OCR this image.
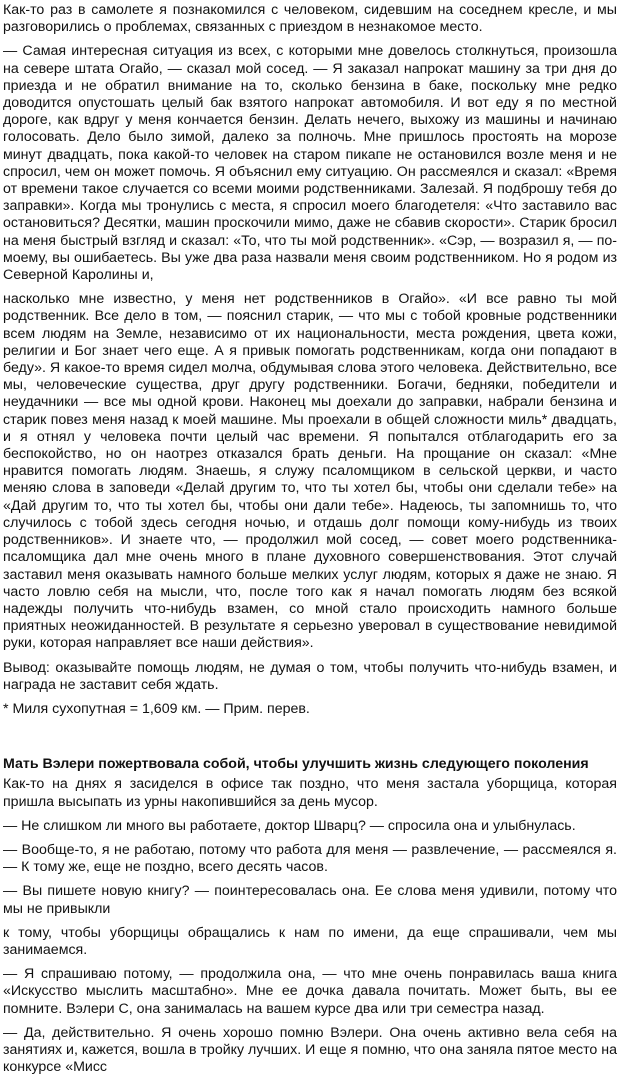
Как-то раз в самолете я познакомился с человеком, сидевшим на соседнем кресле, и мы разговорились о проблемах, связанных с приездом в незнакомое место.

— Самая интересная ситуация из всех, с которыми мне довелось столкнуться, произошла на севере штата Огайо, — сказал мой сосед. — Я заказал напрокат машину за три дня до приезда и не обратил внимание на то, сколько бензина в баке, поскольку мне редко доводится опустошать целый бак взятого напрокат автомобиля. И вот еду я по местной дороге, как вдруг у меня кончается бензин. Делать нечего, выхожу из машины и начинаю голосовать. Дело было зимой, далеко за полночь. Мне пришлось простоять на морозе минут двадцать, пока какой-то человек на старом пикапе не остановился возле меня и не спросил, чем он может помочь. Я объяснил ему ситуацию. Он рассмеялся и сказал: «Время от времени такое случается со всеми моими родственниками. Залезай. Я подброшу тебя до заправки». Когда мы тронулись с места, я спросил моего благодетеля: «Что заставило вас остановиться? Десятки, машин проскочили мимо, даже не сбавив скорости». Старик бросил на меня быстрый взгляд и сказал: «То, что ты мой родственник». «Сэр, — возразил я, — по-моему, вы ошибаетесь. Вы уже два раза назвали меня своим родственником. Но я родом из Северной Каролины и,

насколько мне известно, у меня нет родственников в Огайо». «И все равно ты мой родственник. Все дело в том, — пояснил старик, — что мы с тобой кровные родственники всем людям на Земле, независимо от их национальности, места рождения, цвета кожи, религии и Бог знает чего еще. А я привык помогать родственникам, когда они попадают в беду». Я какое-то время сидел молча, обдумывая слова этого человека. Действительно, все мы, человеческие существа, друг другу родственники. Богачи, бедняки, победители и неудачники — все мы одной крови. Наконец мы доехали до заправки, набрали бензина и старик повез меня назад к моей машине. Мы проехали в общей сложности миль* двадцать, и я отнял у человека почти целый час времени. Я попытался отблагодарить его за беспокойство, но он наотрез отказался брать деньги. На прощание он сказал: «Мне нравится помогать людям. Знаешь, я служу псаломщиком в сельской церкви, и часто меняю слова в заповеди «Делай другим то, что ты хотел бы, чтобы они сделали тебе» на «Дай другим то, что ты хотел бы, чтобы они дали тебе». Надеюсь, ты запомнишь то, что случилось с тобой здесь сегодня ночью, и отдашь долг помощи кому-нибудь из твоих родственников». И знаете что, — продолжил мой сосед, — совет моего родственника-псаломщика дал мне очень много в плане духовного совершенствования. Этот случай заставил меня оказывать намного больше мелких услуг людям, которых я даже не знаю. Я часто ловлю себя на мысли, что, после того как я начал помогать людям без всякой надежды получить что-нибудь взамен, со мной стало происходить намного больше приятных неожиданностей. В результате я серьезно уверовал в существование невидимой руки, которая направляет все наши действия».

Вывод: оказывайте помощь людям, не думая о том, чтобы получить что-нибудь взамен, и награда не заставит себя ждать.

* Миля сухопутная = 1,609 км. — Прим. перев.

Мать Вэлери пожертвовала собой, чтобы улучшить жизнь следующего поколения

Как-то на днях я засиделся в офисе так поздно, что меня застала уборщица, которая пришла высыпать из урны накопившийся за день мусор.

— Не слишком ли много вы работаете, доктор Шварц? — спросила она и улыбнулась.

— Вообще-то, я не работаю, потому что работа для меня — развлечение, — рассмеялся я. — К тому же, еще не поздно, всего десять часов.

— Вы пишете новую книгу? — поинтересовалась она. Ее слова меня удивили, потому что мы не привыкли

к тому, чтобы уборщицы обращались к нам по имени, да еще спрашивали, чем мы занимаемся.

— Я спрашиваю потому, — продолжила она, — что мне очень понравилась ваша книга «Искусство мыслить масштабно». Мне ее дочка давала почитать. Может быть, вы ее помните. Вэлери С, она занималась на вашем курсе два или три семестра назад.

— Да, действительно. Я очень хорошо помню Вэлери. Она очень активно вела себя на занятиях и, кажется, вошла в тройку лучших. И еще я помню, что она заняла пятое место на конкурсе «Мисс
